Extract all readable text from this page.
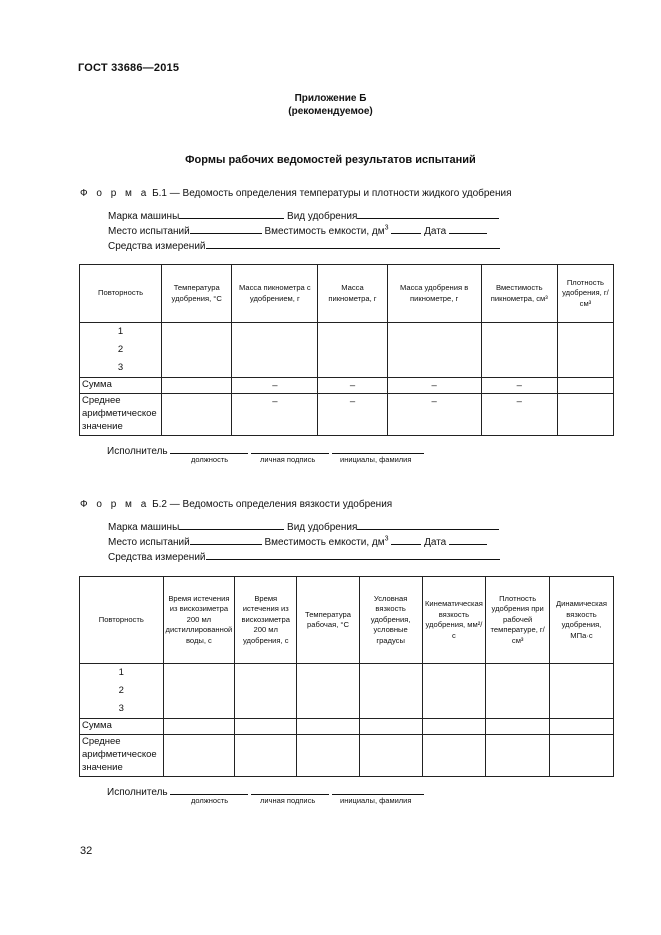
ГОСТ 33686—2015
Приложение Б
(рекомендуемое)
Формы рабочих ведомостей результатов испытаний
Ф о р м а Б.1 — Ведомость определения температуры и плотности жидкого удобрения
Марка машины	Вид удобрения
Место испытаний	Вместимость емкости, $дм^3$	Дата
Средства измерений
Повторность	Температура удобрения, °С	Масса пикнометра с удобрением, г	Масса пикнометра, г	Масса удобрения в пикнометре, г	Вместимость пикнометра, см³	Плотность удобрения, г/см³

1
2
3						

Сумма		–	–	–	–	
Среднее арифметическое значение		–	–	–	–	
Исполнитель
должность	личная подпись	инициалы, фамилия
Ф о р м а Б.2 — Ведомость определения вязкости удобрения
Марка машины	Вид удобрения
Место испытаний	Вместимость емкости, $дм^3$	Дата
Средства измерений
Повторность	Время истечения из вискозиметра 200 мл дистиллированной воды, с	Время истечения из вискозиметра 200 мл удобрения, с	Температура рабочая, °С	Условная вязкость удобрения, условные градусы	Кинематическая вязкость удобрения, мм²/с	Плотность удобрения при рабочей температуре, г/см³	Динамическая вязкость удобрения, МПа·с

1
2
3							

Сумма							
Среднее арифметическое значение							
Исполнитель
должность	личная подпись	инициалы, фамилия
32
